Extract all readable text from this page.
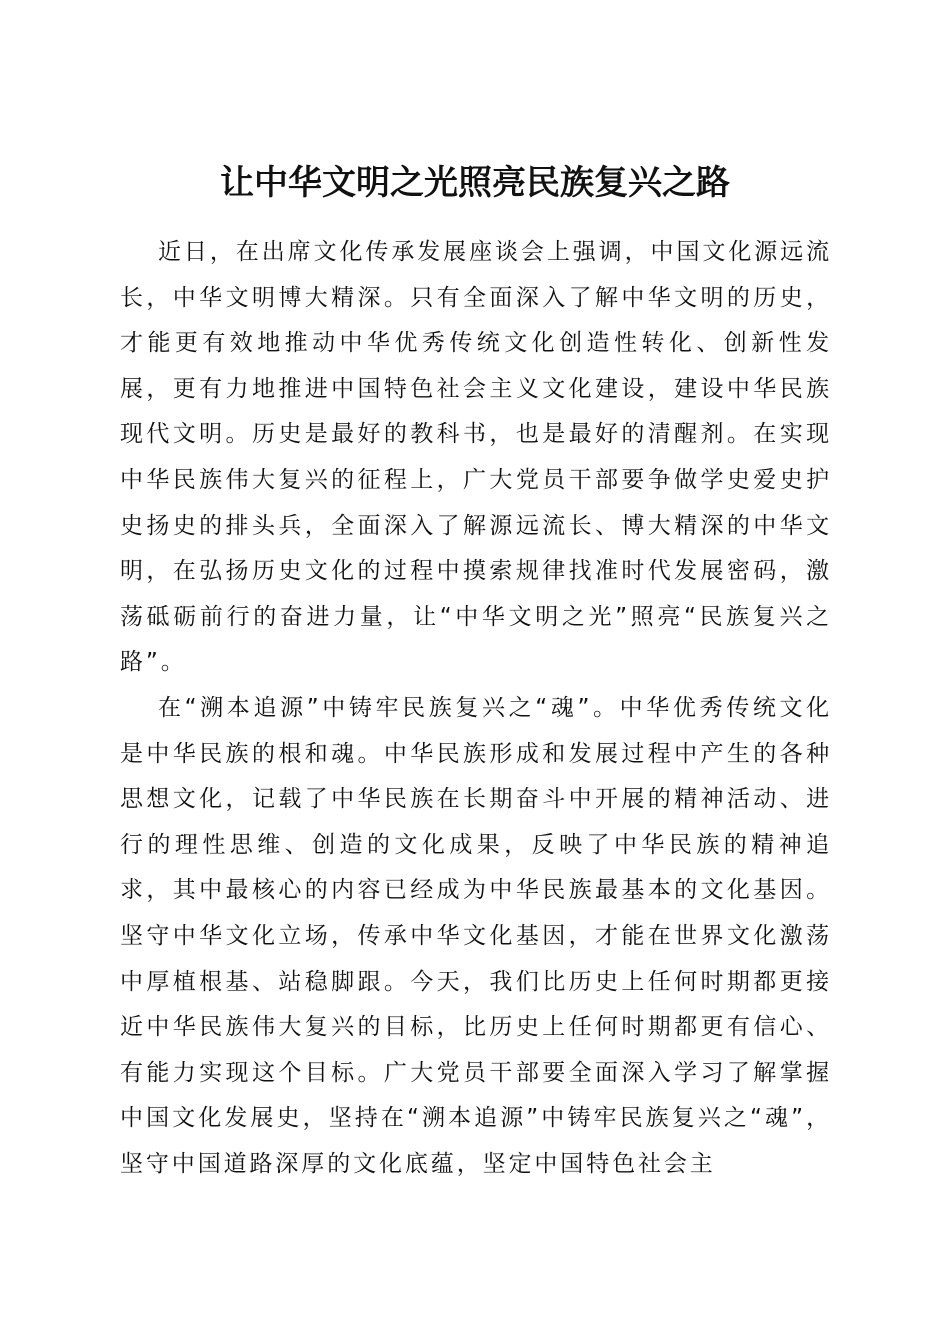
让中华文明之光照亮民族复兴之路

近日，在出席文化传承发展座谈会上强调，中国文化源远流长，中华文明博大精深。只有全面深入了解中华文明的历史，才能更有效地推动中华优秀传统文化创造性转化、创新性发展，更有力地推进中国特色社会主义文化建设，建设中华民族现代文明。历史是最好的教科书，也是最好的清醒剂。在实现中华民族伟大复兴的征程上，广大党员干部要争做学史爱史护史扬史的排头兵，全面深入了解源远流长、博大精深的中华文明，在弘扬历史文化的过程中摸索规律找准时代发展密码，激荡砥砺前行的奋进力量，让“中华文明之光”照亮“民族复兴之路”。

在“溯本追源”中铸牢民族复兴之“魂”。中华优秀传统文化是中华民族的根和魂。中华民族形成和发展过程中产生的各种思想文化，记载了中华民族在长期奋斗中开展的精神活动、进行的理性思维、创造的文化成果，反映了中华民族的精神追求，其中最核心的内容已经成为中华民族最基本的文化基因。坚守中华文化立场，传承中华文化基因，才能在世界文化激荡中厚植根基、站稳脚跟。今天，我们比历史上任何时期都更接近中华民族伟大复兴的目标，比历史上任何时期都更有信心、有能力实现这个目标。广大党员干部要全面深入学习了解掌握中国文化发展史，坚持在“溯本追源”中铸牢民族复兴之“魂”，坚守中国道路深厚的文化底蕴，坚定中国特色社会主
